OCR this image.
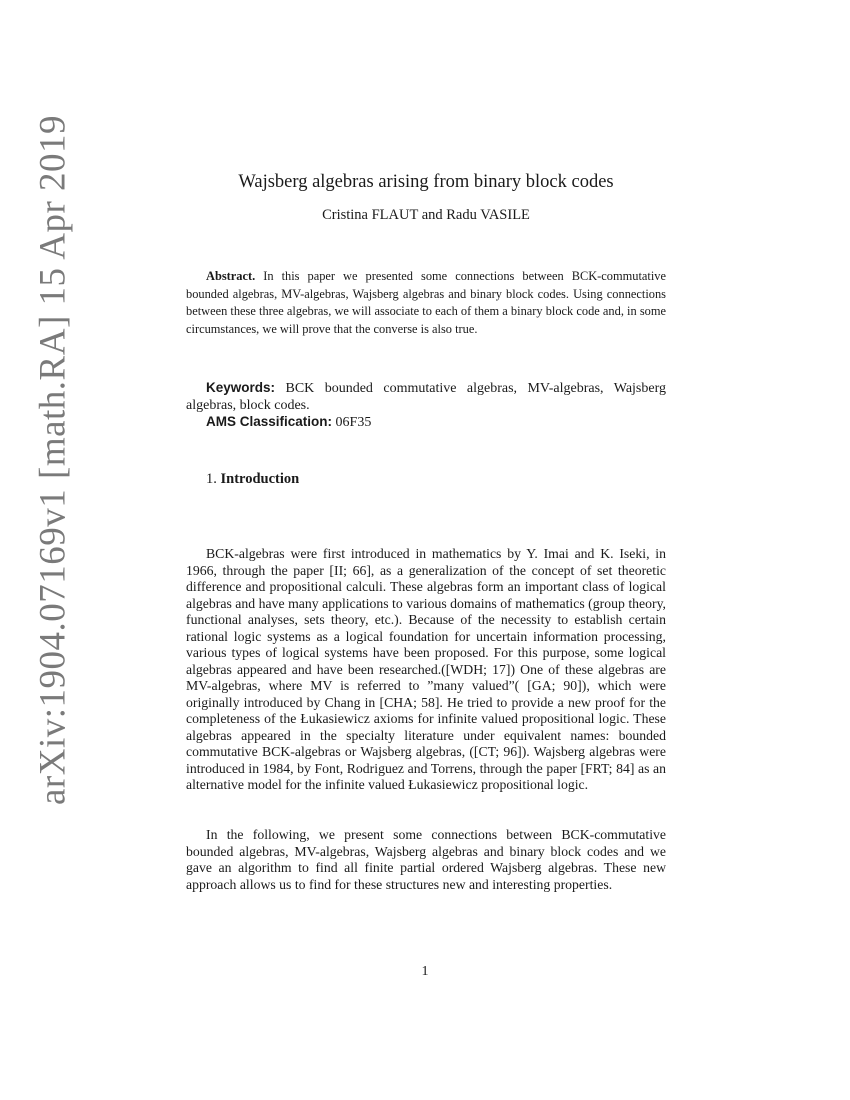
arXiv:1904.07169v1 [math.RA] 15 Apr 2019	Wajsberg algebras arising from binary block codes
Cristina FLAUT and Radu VASILE

Abstract. In this paper we presented some connections between BCK-commutative bounded algebras, MV-algebras, Wajsberg algebras and binary block codes. Using connections between these three algebras, we will associate to each of them a binary block code and, in some circumstances, we will prove that the converse is also true.

Keywords: BCK bounded commutative algebras, MV-algebras, Wajsberg algebras, block codes.

AMS Classification: 06F35

1. Introduction

BCK-algebras were first introduced in mathematics by Y. Imai and K. Iseki, in 1966, through the paper [II; 66], as a generalization of the concept of set theoretic difference and propositional calculi. These algebras form an important class of logical algebras and have many applications to various domains of mathematics (group theory, functional analyses, sets theory, etc.). Because of the necessity to establish certain rational logic systems as a logical foundation for uncertain information processing, various types of logical systems have been proposed. For this purpose, some logical algebras appeared and have been researched.([WDH; 17]) One of these algebras are MV-algebras, where MV is referred to ”many valued”( [GA; 90]), which were originally introduced by Chang in [CHA; 58]. He tried to provide a new proof for the completeness of the Łukasiewicz axioms for infinite valued propositional logic. These algebras appeared in the specialty literature under equivalent names: bounded commutative BCK-algebras or Wajsberg algebras, ([CT; 96]). Wajsberg algebras were introduced in 1984, by Font, Rodriguez and Torrens, through the paper [FRT; 84] as an alternative model for the infinite valued Łukasiewicz propositional logic.

In the following, we present some connections between BCK-commutative bounded algebras, MV-algebras, Wajsberg algebras and binary block codes and we gave an algorithm to find all finite partial ordered Wajsberg algebras. These new approach allows us to find for these structures new and interesting properties.

1
